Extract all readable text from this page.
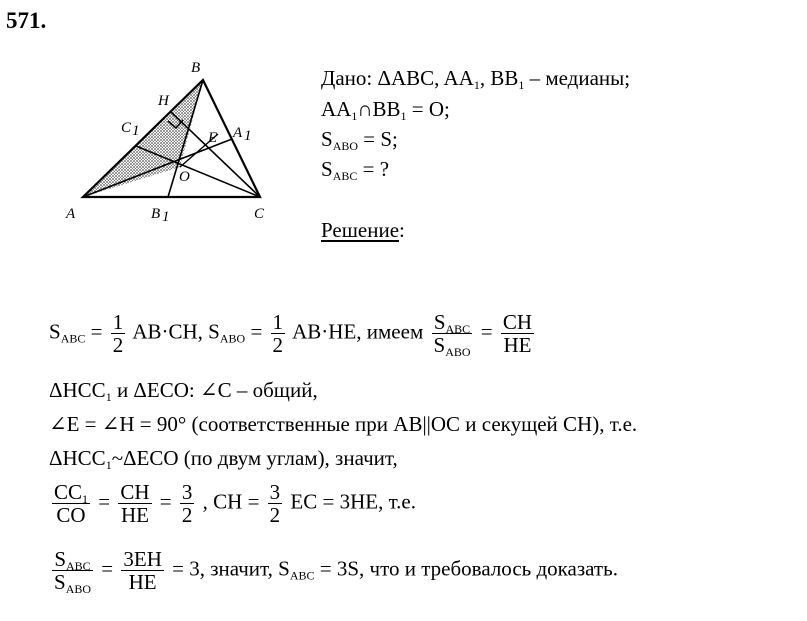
571.
A
B
C
H
E
O
C 1	A 1
B 1
Дано: ΔABC, $AA_1$, $BB_1$ – медианы;
$AA_1\cap BB_1 = O$;
$S_{ABO} = S$;
$S_{ABC}$ = ?
Решение:
$S_{ABC} = \frac{1}{2} AB\cdot CH$, $S_{ABO} = \frac{1}{2} AB\cdot HE$, имеем $\frac{S_{ABC}}{S_{ABO}} = \frac{CH}{HE}$
$\Delta HCC_1$ и ΔECO: ∠C – общий,
∠E = ∠H = 90° (соответственные при AB||OC и секущей CH), т.е.
$\Delta HCC_1\sim\Delta ECO$ (по двум углам), значит,
$\frac{CC_1}{CO} = \frac{CH}{HE} = \frac{3}{2}$ , CH = $\frac{3}{2}$ EC = 3HE, т.е.
$\frac{S_{ABC}}{S_{ABO}} = \frac{3EH}{HE} = 3$, значит, $S_{ABC} = 3S$, что и требовалось доказать.
